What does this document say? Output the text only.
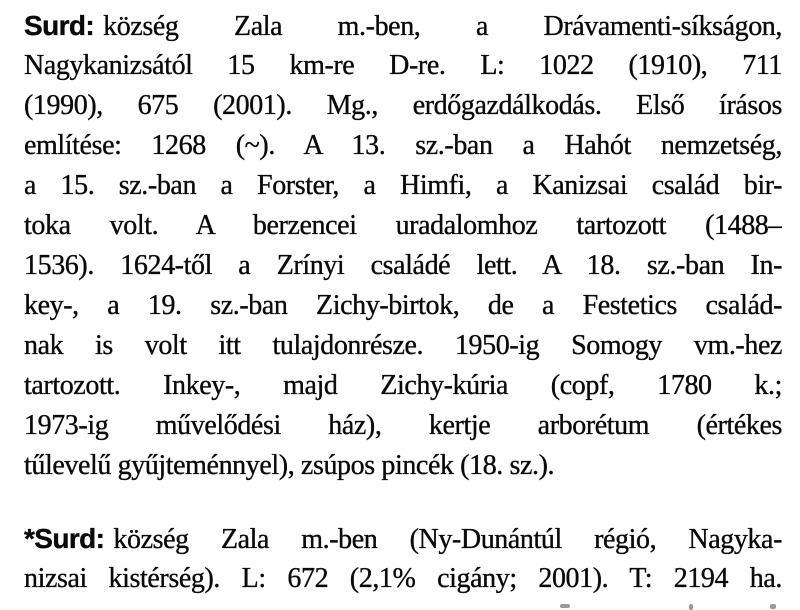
Surd: község Zala m.-ben, a Drávamenti-síkságon,
Nagykanizsától 15 km-re D-re. L: 1022 (1910), 711
(1990), 675 (2001). Mg., erdőgazdálkodás. Első írásos
említése: 1268 (~). A 13. sz.-ban a Hahót nemzetség,
a 15. sz.-ban a Forster, a Himfi, a Kanizsai család bir-
toka volt. A berzencei uradalomhoz tartozott (1488–
1536). 1624-től a Zrínyi családé lett. A 18. sz.-ban In-
key-, a 19. sz.-ban Zichy-birtok, de a Festetics család-
nak is volt itt tulajdonrésze. 1950-ig Somogy vm.-hez
tartozott. Inkey-, majd Zichy-kúria (copf, 1780 k.;
1973-ig művelődési ház), kertje arborétum (értékes
tűlevelű gyűjteménnyel), zsúpos pincék (18. sz.).
*Surd: község Zala m.-ben (Ny-Dunántúl régió, Nagyka-
nizsai kistérség). L: 672 (2,1% cigány; 2001). T: 2194 ha.
